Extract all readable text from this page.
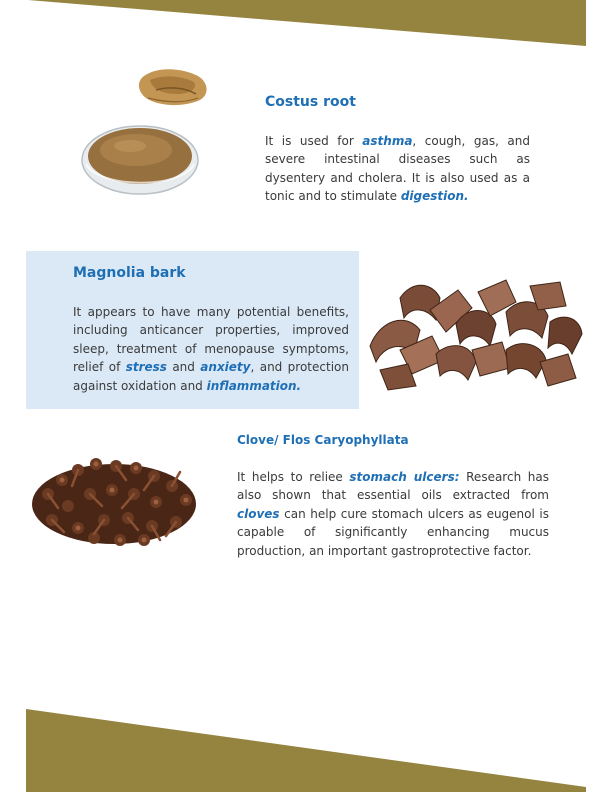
Costus root

It is used for asthma, cough, gas, and severe intestinal diseases such as dysentery and cholera. It is also used as a tonic and to stimulate digestion.

Magnolia bark

It appears to have many potential benefits, including anticancer properties, improved sleep, treatment of menopause symptoms, relief of stress and anxiety, and protection against oxidation and inflammation.

Clove/ Flos Caryophyllata

It helps to reliee stomach ulcers: Research has also shown that essential oils extracted from cloves can help cure stomach ulcers as eugenol is capable of significantly enhancing mucus production, an important gastroprotective factor.
